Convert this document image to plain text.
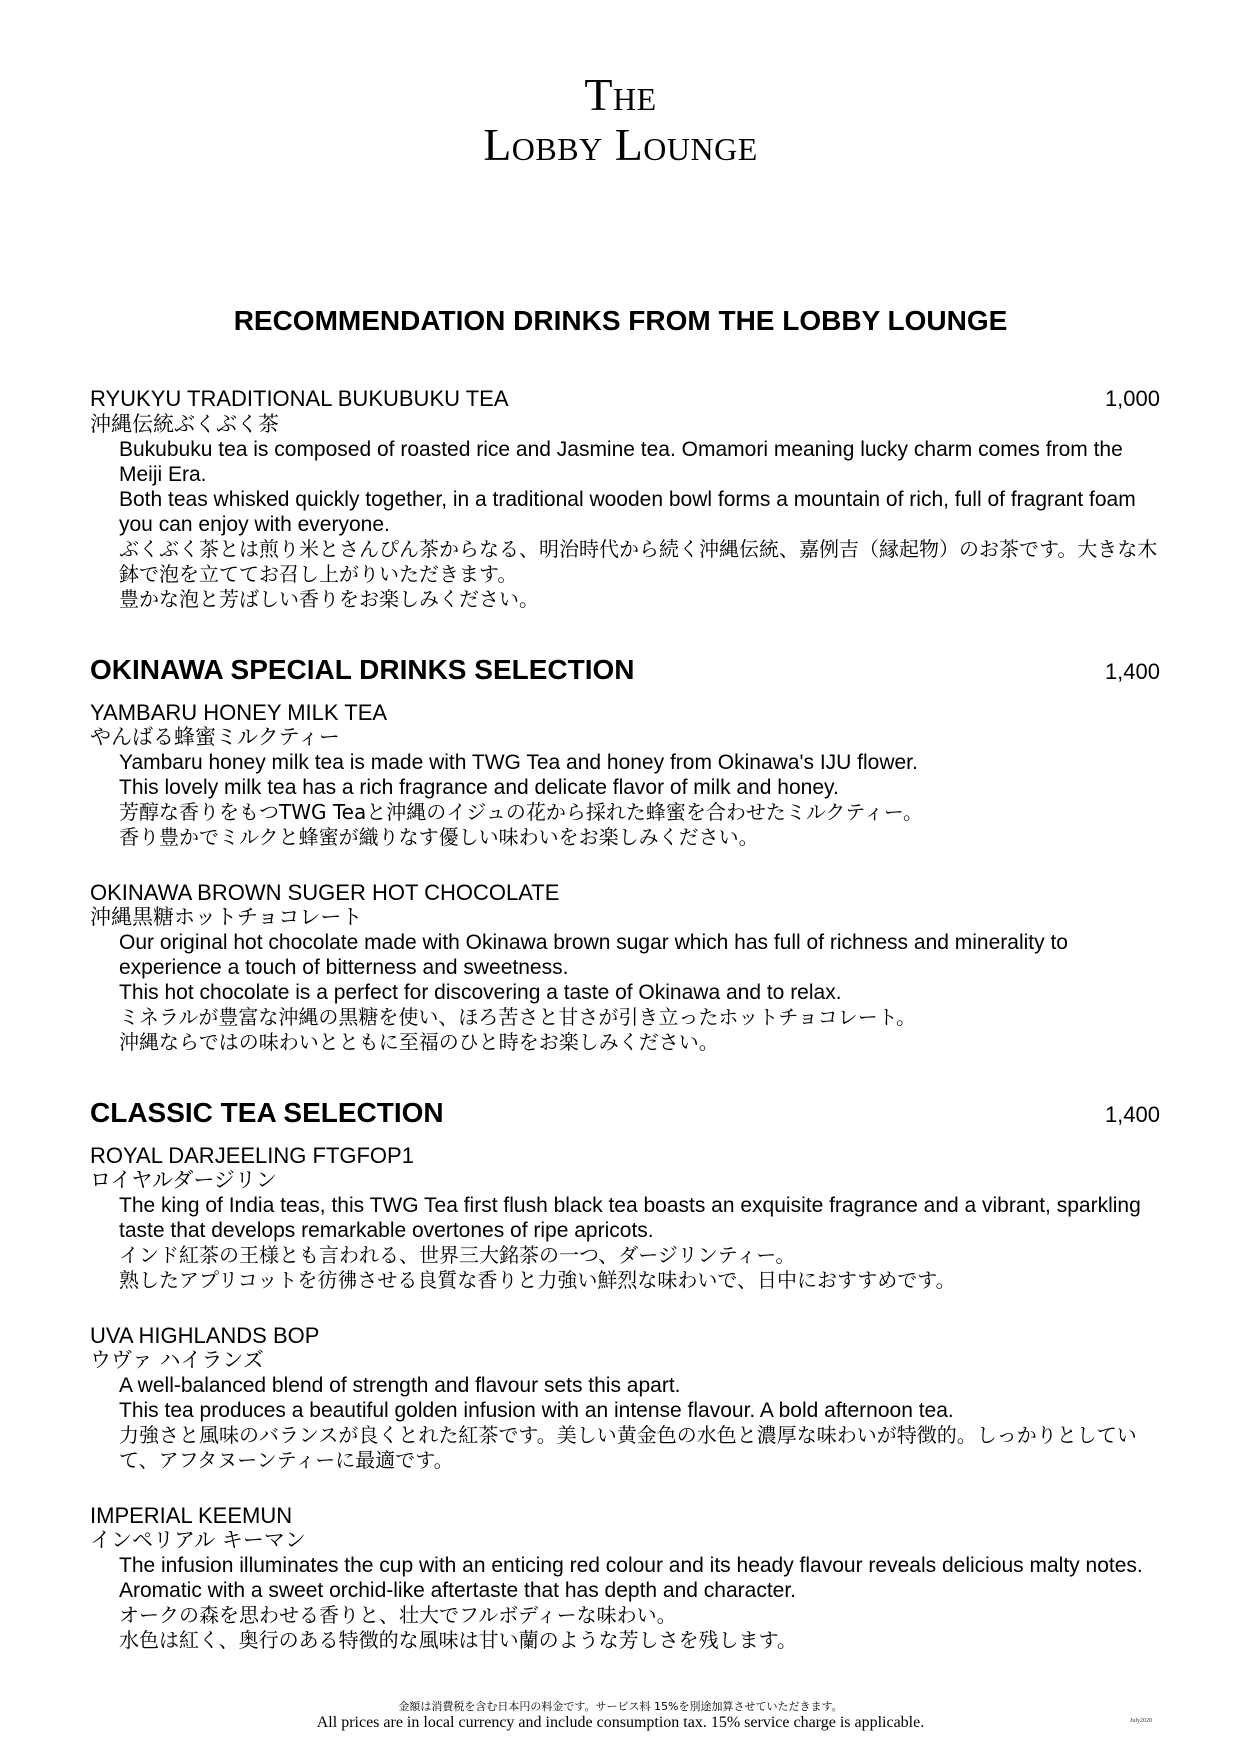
The
Lobby Lounge
RECOMMENDATION DRINKS FROM THE LOBBY LOUNGE
RYUKYU TRADITIONAL BUKUBUKU TEA	1,000
沖縄伝統ぶくぶく茶
Bukubuku tea is composed of roasted rice and Jasmine tea. Omamori meaning lucky charm comes from the Meiji Era.
Both teas whisked quickly together, in a traditional wooden bowl forms a mountain of rich, full of fragrant foam you can enjoy with everyone.
ぶくぶく茶とは煎り米とさんぴん茶からなる、明治時代から続く沖縄伝統、嘉例吉（縁起物）のお茶です。大きな木鉢で泡を立ててお召し上がりいただきます。
豊かな泡と芳ばしい香りをお楽しみください。
OKINAWA SPECIAL DRINKS SELECTION	1,400
YAMBARU HONEY MILK TEA
やんばる蜂蜜ミルクティー
Yambaru honey milk tea is made with TWG Tea and honey from Okinawa's IJU flower.
This lovely milk tea has a rich fragrance and delicate flavor of milk and honey.
芳醇な香りをもつTWG Teaと沖縄のイジュの花から採れた蜂蜜を合わせたミルクティー。
香り豊かでミルクと蜂蜜が織りなす優しい味わいをお楽しみください。
OKINAWA BROWN SUGER HOT CHOCOLATE
沖縄黒糖ホットチョコレート
Our original hot chocolate made with Okinawa brown sugar which has full of richness and minerality to experience a touch of bitterness and sweetness.
This hot chocolate is a perfect for discovering a taste of Okinawa and to relax.
ミネラルが豊富な沖縄の黒糖を使い、ほろ苦さと甘さが引き立ったホットチョコレート。
沖縄ならではの味わいとともに至福のひと時をお楽しみください。
CLASSIC TEA SELECTION	1,400
ROYAL DARJEELING FTGFOP1
ロイヤルダージリン
The king of India teas, this TWG Tea first flush black tea boasts an exquisite fragrance and a vibrant, sparkling taste that develops remarkable overtones of ripe apricots.
インド紅茶の王様とも言われる、世界三大銘茶の一つ、ダージリンティー。
熟したアプリコットを彷彿させる良質な香りと力強い鮮烈な味わいで、日中におすすめです。
UVA HIGHLANDS BOP
ウヴァ ハイランズ
A well-balanced blend of strength and flavour sets this apart.
This tea produces a beautiful golden infusion with an intense flavour. A bold afternoon tea.
力強さと風味のバランスが良くとれた紅茶です。美しい黄金色の水色と濃厚な味わいが特徴的。しっかりとしていて、アフタヌーンティーに最適です。
IMPERIAL KEEMUN
インペリアル キーマン
The infusion illuminates the cup with an enticing red colour and its heady flavour reveals delicious malty notes. Aromatic with a sweet orchid-like aftertaste that has depth and character.
オークの森を思わせる香りと、壮大でフルボディーな味わい。
水色は紅く、奥行のある特徴的な風味は甘い蘭のような芳しさを残します。
金額は消費税を含む日本円の料金です。サービス料 15%を別途加算させていただきます。
All prices are in local currency and include consumption tax. 15% service charge is applicable.	July2020
